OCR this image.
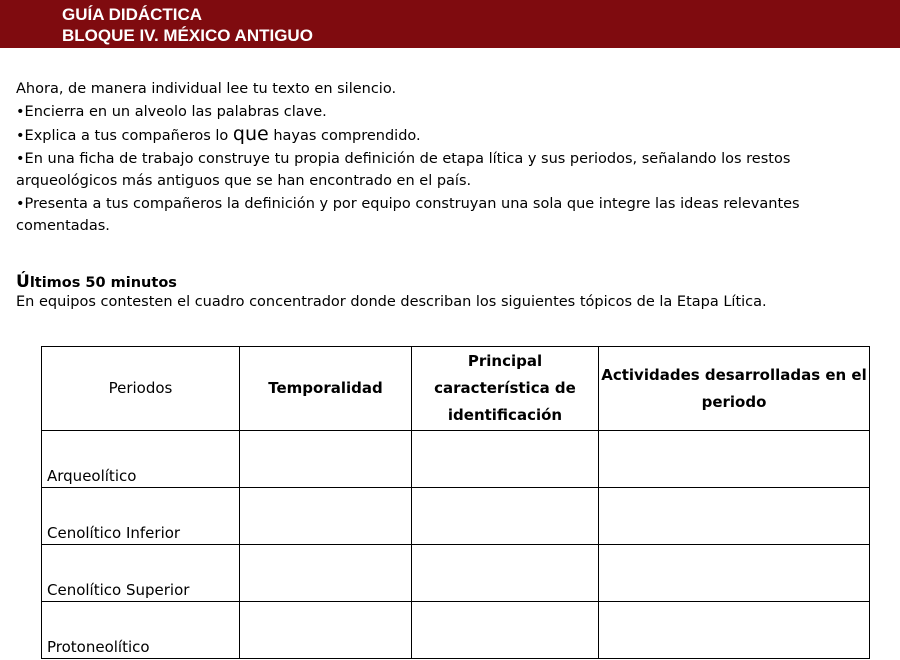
GUÍA DIDÁCTICA
BLOQUE IV. MÉXICO ANTIGUO

Ahora, de manera individual lee tu texto en silencio.

•Encierra en un alveolo las palabras clave.

•Explica a tus compañeros lo que hayas comprendido.

•En una ficha de trabajo construye tu propia definición de etapa lítica y sus periodos, señalando los restos arqueológicos más antiguos que se han encontrado en el país.

•Presenta a tus compañeros la definición y por equipo construyan una sola que integre las ideas relevantes comentadas.

Últimos 50 minutos
En equipos contesten el cuadro concentrador donde describan los siguientes tópicos de la Etapa Lítica.
Periodos	Temporalidad	Principal característica de identificación	Actividades desarrolladas en el periodo
Arqueolítico			
Cenolítico Inferior			
Cenolítico Superior			
Protoneolítico			
